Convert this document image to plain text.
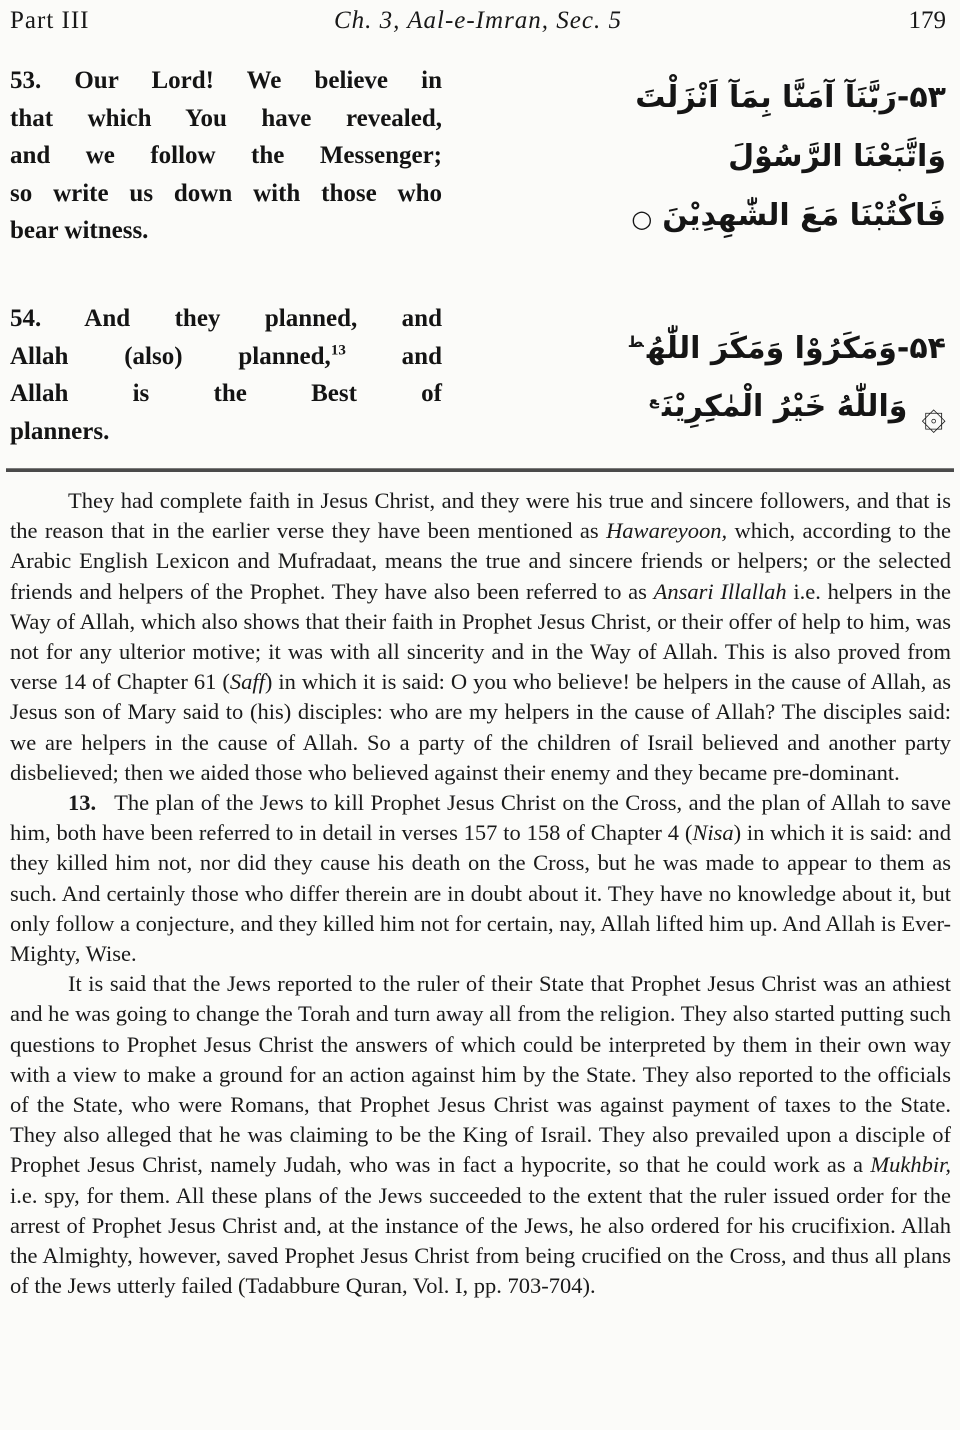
Part III	Ch. 3, Aal-e-Imran, Sec. 5	179
53. Our Lord! We believe in
that which You have revealed,
and we follow the Messenger;
so write us down with those who
bear witness.
۵۳-رَبَّنَآ آمَنَّا بِمَآ اَنْزَلْتَ
وَاتَّبَعْنَا الرَّسُوْلَ
فَاكْتُبْنَا مَعَ الشّٰهِدِيْنَ○
54. And they planned, and
Allah (also) planned,$^{13}$ and
Allah is the Best of
planners.
۵۴-وَمَكَرُوْا وَمَكَرَ اللّٰهُ$^ط$
۞وَاللّٰهُ خَيْرُ الْمٰكِرِيْنَ$^ع$

They had complete faith in Jesus Christ, and they were his true and sincere followers, and that is the reason that in the earlier verse they have been mentioned as Hawareyoon, which, according to the Arabic English Lexicon and Mufradaat, means the true and sincere friends or helpers; or the selected friends and helpers of the Prophet. They have also been referred to as Ansari Illallah i.e. helpers in the Way of Allah, which also shows that their faith in Prophet Jesus Christ, or their offer of help to him, was not for any ulterior motive; it was with all sincerity and in the Way of Allah. This is also proved from verse 14 of Chapter 61 (Saff) in which it is said: O you who believe! be helpers in the cause of Allah, as Jesus son of Mary said to (his) disciples: who are my helpers in the cause of Allah? The disciples said: we are helpers in the cause of Allah. So a party of the children of Israil believed and another party disbelieved; then we aided those who believed against their enemy and they became pre-dominant.

13. The plan of the Jews to kill Prophet Jesus Christ on the Cross, and the plan of Allah to save him, both have been referred to in detail in verses 157 to 158 of Chapter 4 (Nisa) in which it is said: and they killed him not, nor did they cause his death on the Cross, but he was made to appear to them as such. And certainly those who differ therein are in doubt about it. They have no knowledge about it, but only follow a conjecture, and they killed him not for certain, nay, Allah lifted him up. And Allah is Ever-Mighty, Wise.

It is said that the Jews reported to the ruler of their State that Prophet Jesus Christ was an athiest and he was going to change the Torah and turn away all from the religion. They also started putting such questions to Prophet Jesus Christ the answers of which could be interpreted by them in their own way with a view to make a ground for an action against him by the State. They also reported to the officials of the State, who were Romans, that Prophet Jesus Christ was against payment of taxes to the State. They also alleged that he was claiming to be the King of Israil. They also prevailed upon a disciple of Prophet Jesus Christ, namely Judah, who was in fact a hypocrite, so that he could work as a Mukhbir, i.e. spy, for them. All these plans of the Jews succeeded to the extent that the ruler issued order for the arrest of Prophet Jesus Christ and, at the instance of the Jews, he also ordered for his crucifixion. Allah the Almighty, however, saved Prophet Jesus Christ from being crucified on the Cross, and thus all plans of the Jews utterly failed (Tadabbure Quran, Vol. I, pp. 703-704).
